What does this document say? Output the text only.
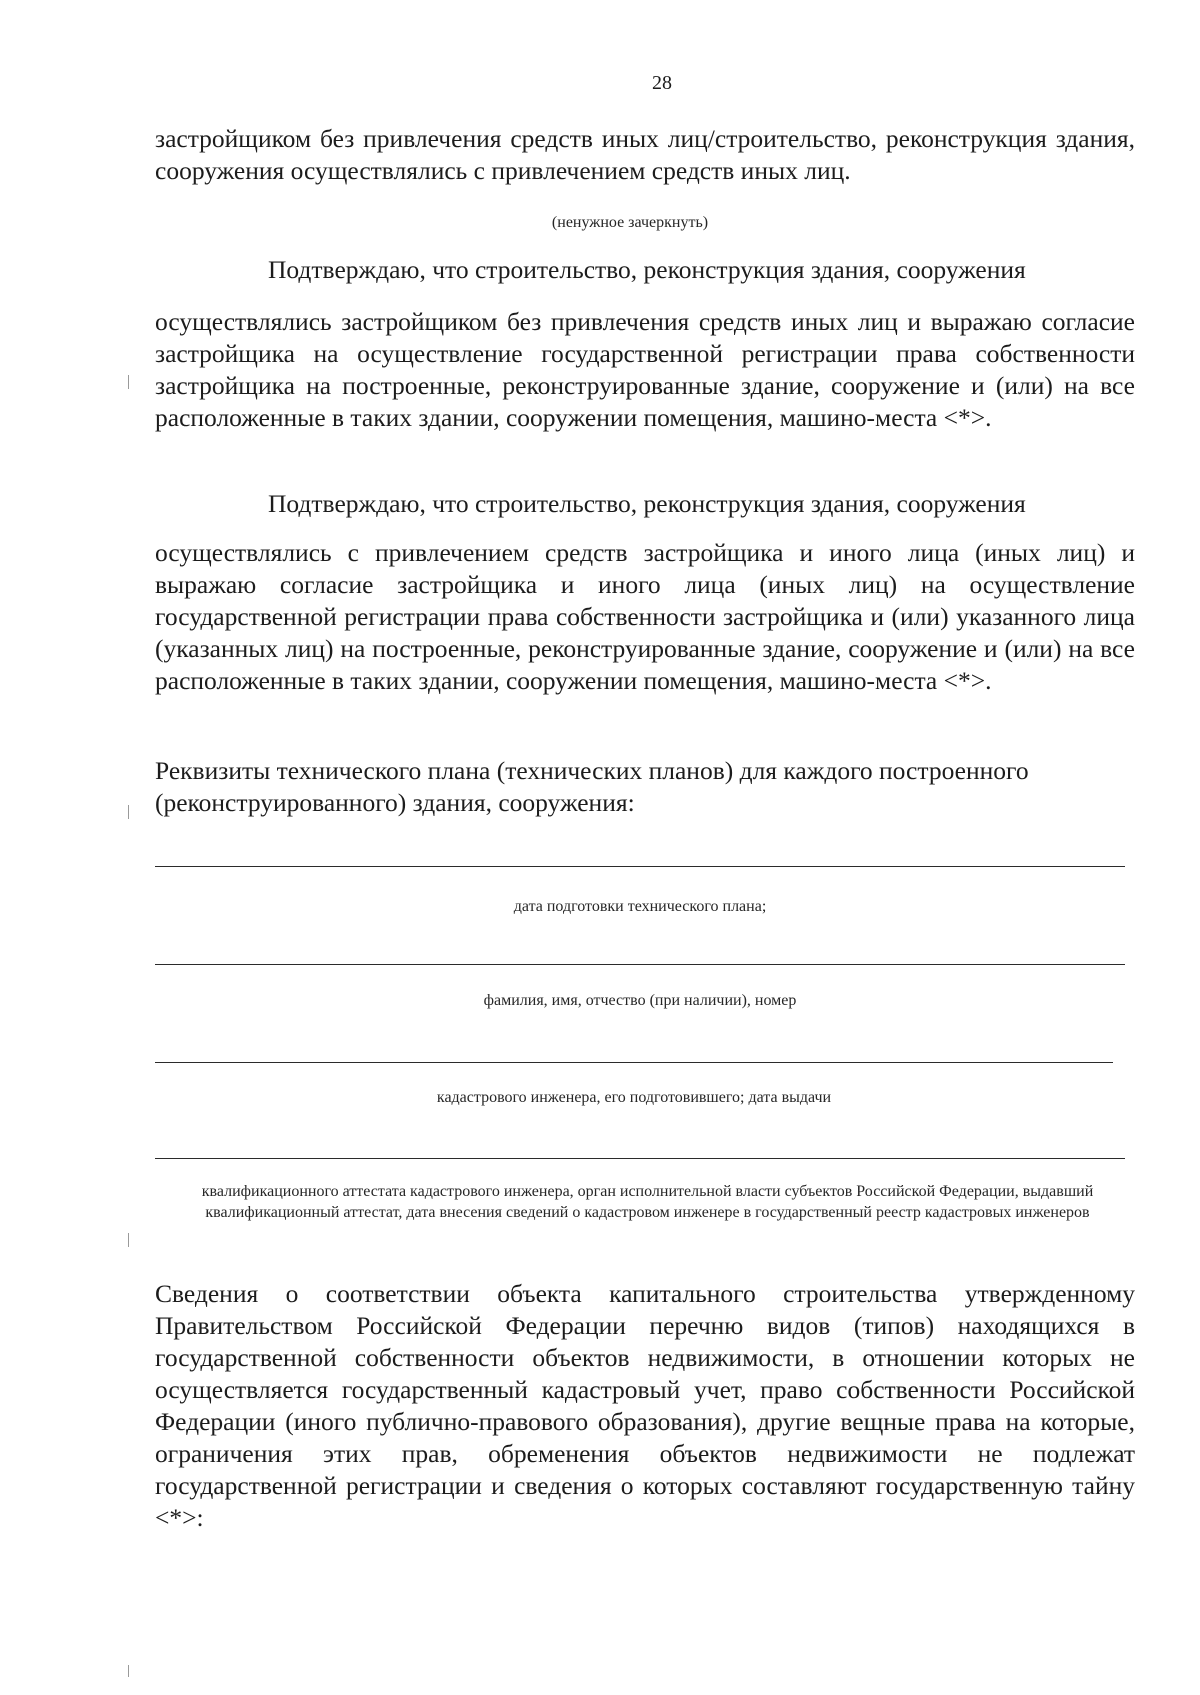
28

застройщиком без привлечения средств иных лиц/строительство, реконструкция здания, сооружения осуществлялись с привлечением средств иных лиц.

(ненужное зачеркнуть)
Подтверждаю, что строительство, реконструкция здания, сооружения

осуществлялись застройщиком без привлечения средств иных лиц и выражаю согласие застройщика на осуществление государственной регистрации права собственности застройщика на построенные, реконструированные здание, сооружение и (или) на все расположенные в таких здании, сооружении помещения, машино-места <*>.

Подтверждаю, что строительство, реконструкция здания, сооружения

осуществлялись с привлечением средств застройщика и иного лица (иных лиц) и выражаю согласие застройщика и иного лица (иных лиц) на осуществление государственной регистрации права собственности застройщика и (или) указанного лица (указанных лиц) на построенные, реконструированные здание, сооружение и (или) на все расположенные в таких здании, сооружении помещения, машино-места <*>.

Реквизиты технического плана (технических планов) для каждого построенного (реконструированного) здания, сооружения:

дата подготовки технического плана;
фамилия, имя, отчество (при наличии), номер
кадастрового инженера, его подготовившего; дата выдачи
квалификационного аттестата кадастрового инженера, орган исполнительной власти субъектов Российской Федерации, выдавший квалификационный аттестат, дата внесения сведений о кадастровом инженере в государственный реестр кадастровых инженеров

Сведения о соответствии объекта капитального строительства утвержденному Правительством Российской Федерации перечню видов (типов) находящихся в государственной собственности объектов недвижимости, в отношении которых не осуществляется государственный кадастровый учет, право собственности Российской Федерации (иного публично-правового образования), другие вещные права на которые, ограничения этих прав, обременения объектов недвижимости не подлежат государственной регистрации и сведения о которых составляют государственную тайну <*>:
